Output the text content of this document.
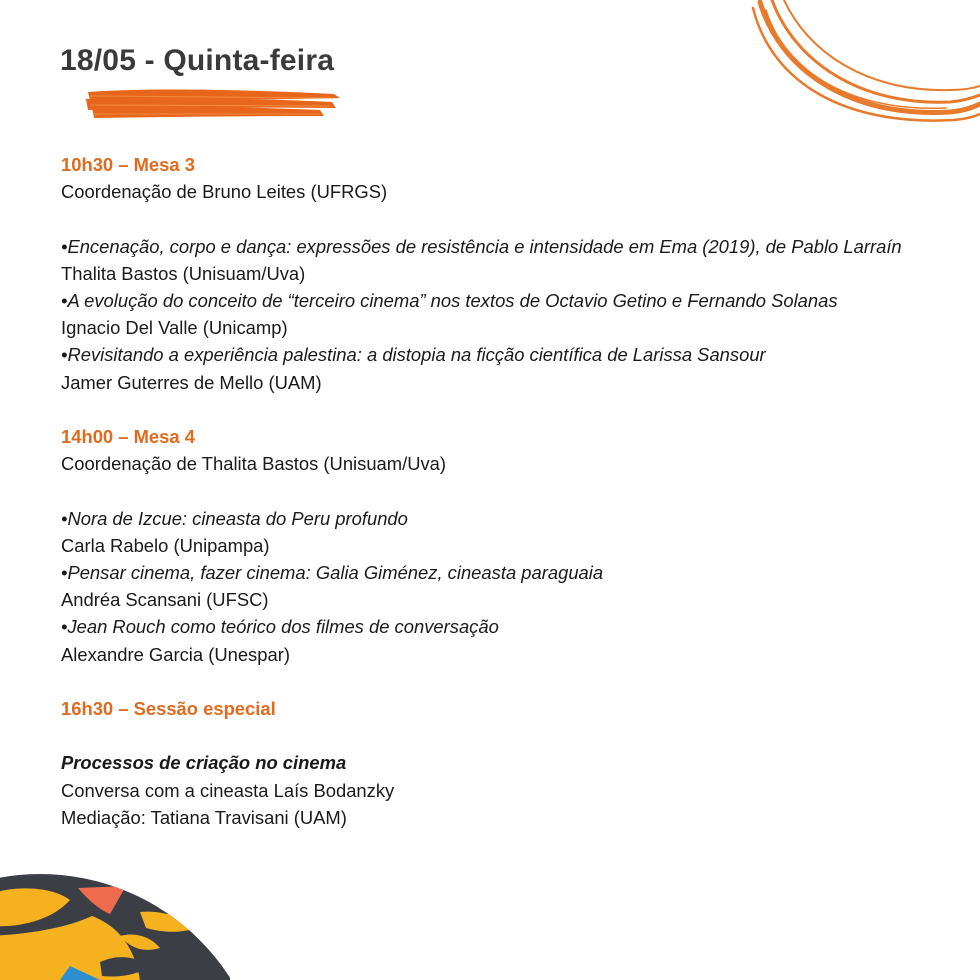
18/05 - Quinta-feira
10h30 – Mesa 3
Coordenação de Bruno Leites (UFRGS)
•Encenação, corpo e dança: expressões de resistência e intensidade em Ema (2019), de Pablo Larraín
Thalita Bastos (Unisuam/Uva)
•A evolução do conceito de “terceiro cinema” nos textos de Octavio Getino e Fernando Solanas
Ignacio Del Valle (Unicamp)
•Revisitando a experiência palestina: a distopia na ficção científica de Larissa Sansour
Jamer Guterres de Mello (UAM)
14h00 – Mesa 4
Coordenação de Thalita Bastos (Unisuam/Uva)
•Nora de Izcue: cineasta do Peru profundo
Carla Rabelo (Unipampa)
•Pensar cinema, fazer cinema: Galia Giménez, cineasta paraguaia
Andréa Scansani (UFSC)
•Jean Rouch como teórico dos filmes de conversação
Alexandre Garcia (Unespar)
16h30 – Sessão especial
Processos de criação no cinema
Conversa com a cineasta Laís Bodanzky
Mediação: Tatiana Travisani (UAM)
